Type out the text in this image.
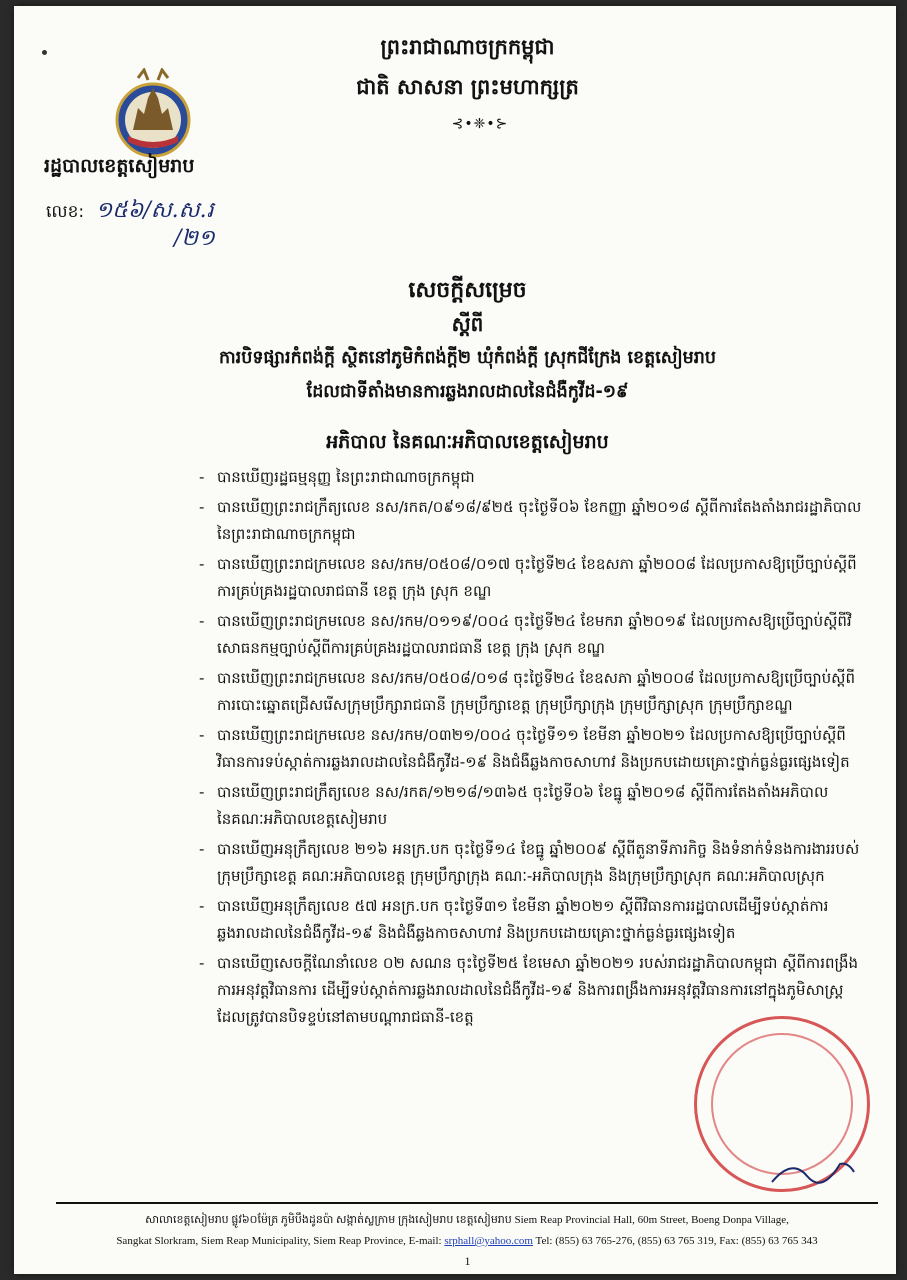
ព្រះរាជាណាចក្រកម្ពុជា
ជាតិ សាសនា ព្រះមហាក្សត្រ
⊰•❈•⊱
រដ្ឋបាលខេត្តសៀមរាប
លេខ: ១៥៦/ស.ស.រ
/២១
សេចក្តីសម្រេច
ស្តីពី
ការបិទផ្សារកំពង់ក្តី ស្ថិតនៅភូមិកំពង់ក្តី២ ឃុំកំពង់ក្តី ស្រុកជីក្រែង ខេត្តសៀមរាប
ដែលជាទីតាំងមានការឆ្លងរាលដាលនៃជំងឺកូវីដ-១៩
អភិបាល នៃគណៈអភិបាលខេត្តសៀមរាប
- បានឃើញរដ្ឋធម្មនុញ្ញ នៃព្រះរាជាណាចក្រកម្ពុជា
- បានឃើញព្រះរាជក្រឹត្យលេខ នស/រកត/០៩១៨/៩២៥ ចុះថ្ងៃទី០៦ ខែកញ្ញា ឆ្នាំ២០១៨ ស្តីពីការតែងតាំងរាជរដ្ឋាភិបាល នៃព្រះរាជាណាចក្រកម្ពុជា
- បានឃើញព្រះរាជក្រមលេខ នស/រកម/០៥០៨/០១៧ ចុះថ្ងៃទី២៤ ខែឧសភា ឆ្នាំ២០០៨ ដែលប្រកាសឱ្យប្រើច្បាប់ស្តីពីការគ្រប់គ្រងរដ្ឋបាលរាជធានី ខេត្ត ក្រុង ស្រុក ខណ្ឌ
- បានឃើញព្រះរាជក្រមលេខ នស/រកម/០១១៩/០០៤ ចុះថ្ងៃទី២៤ ខែមករា ឆ្នាំ២០១៩ ដែលប្រកាសឱ្យប្រើច្បាប់ស្តីពីវិសោធនកម្មច្បាប់ស្តីពីការគ្រប់គ្រងរដ្ឋបាលរាជធានី ខេត្ត ក្រុង ស្រុក ខណ្ឌ
- បានឃើញព្រះរាជក្រមលេខ នស/រកម/០៥០៨/០១៨ ចុះថ្ងៃទី២៤ ខែឧសភា ឆ្នាំ២០០៨ ដែលប្រកាសឱ្យប្រើច្បាប់ស្តីពីការបោះឆ្នោតជ្រើសរើសក្រុមប្រឹក្សារាជធានី ក្រុមប្រឹក្សាខេត្ត ក្រុមប្រឹក្សាក្រុង ក្រុមប្រឹក្សាស្រុក ក្រុមប្រឹក្សាខណ្ឌ
- បានឃើញព្រះរាជក្រមលេខ នស/រកម/០៣២១/០០៤ ចុះថ្ងៃទី១១ ខែមីនា ឆ្នាំ២០២១ ដែលប្រកាសឱ្យប្រើច្បាប់ស្តីពីវិធានការទប់ស្កាត់ការឆ្លងរាលដាលនៃជំងឺកូវីដ-១៩ និងជំងឺឆ្លងកាចសាហាវ និងប្រកបដោយគ្រោះថ្នាក់ធ្ងន់ធ្ងរផ្សេងទៀត
- បានឃើញព្រះរាជក្រឹត្យលេខ នស/រកត/១២១៨/១៣៦៥ ចុះថ្ងៃទី០៦ ខែធ្នូ ឆ្នាំ២០១៨ ស្តីពីការតែងតាំងអភិបាល នៃគណៈអភិបាលខេត្តសៀមរាប
- បានឃើញអនុក្រឹត្យលេខ ២១៦ អនក្រ.បក ចុះថ្ងៃទី១៤ ខែធ្នូ ឆ្នាំ២០០៩ ស្តីពីតួនាទីភារកិច្ច និងទំនាក់ទំនងការងាររបស់ក្រុមប្រឹក្សាខេត្ត គណៈអភិបាលខេត្ត ក្រុមប្រឹក្សាក្រុង គណៈ-អភិបាលក្រុង និងក្រុមប្រឹក្សាស្រុក គណៈអភិបាលស្រុក
- បានឃើញអនុក្រឹត្យលេខ ៥៧ អនក្រ.បក ចុះថ្ងៃទី៣១ ខែមីនា ឆ្នាំ២០២១ ស្តីពីវិធានការរដ្ឋបាលដើម្បីទប់ស្កាត់ការឆ្លងរាលដាលនៃជំងឺកូវីដ-១៩ និងជំងឺឆ្លងកាចសាហាវ និងប្រកបដោយគ្រោះថ្នាក់ធ្ងន់ធ្ងរផ្សេងទៀត
- បានឃើញសេចក្តីណែនាំលេខ ០២ សណន ចុះថ្ងៃទី២៥ ខែមេសា ឆ្នាំ២០២១ របស់រាជរដ្ឋាភិបាលកម្ពុជា ស្តីពីការពង្រឹងការអនុវត្តវិធានការ ដើម្បីទប់ស្កាត់ការឆ្លងរាលដាលនៃជំងឺកូវីដ-១៩ និងការពង្រឹងការអនុវត្តវិធានការនៅក្នុងភូមិសាស្ត្រដែលត្រូវបានបិទខ្ទប់នៅតាមបណ្តារាជធានី-ខេត្ត
សាលាខេត្តសៀមរាប ផ្លូវ៦០ម៉ែត្រ ភូមិបឹងដូនប៉ា សង្កាត់ស្លក្រាម ក្រុងសៀមរាប ខេត្តសៀមរាប Siem Reap Provincial Hall, 60m Street, Boeng Donpa Village,
Sangkat Slorkram, Siem Reap Municipality, Siem Reap Province, E-mail: srphall@yahoo.com Tel: (855) 63 765-276, (855) 63 765 319, Fax: (855) 63 765 343
1
